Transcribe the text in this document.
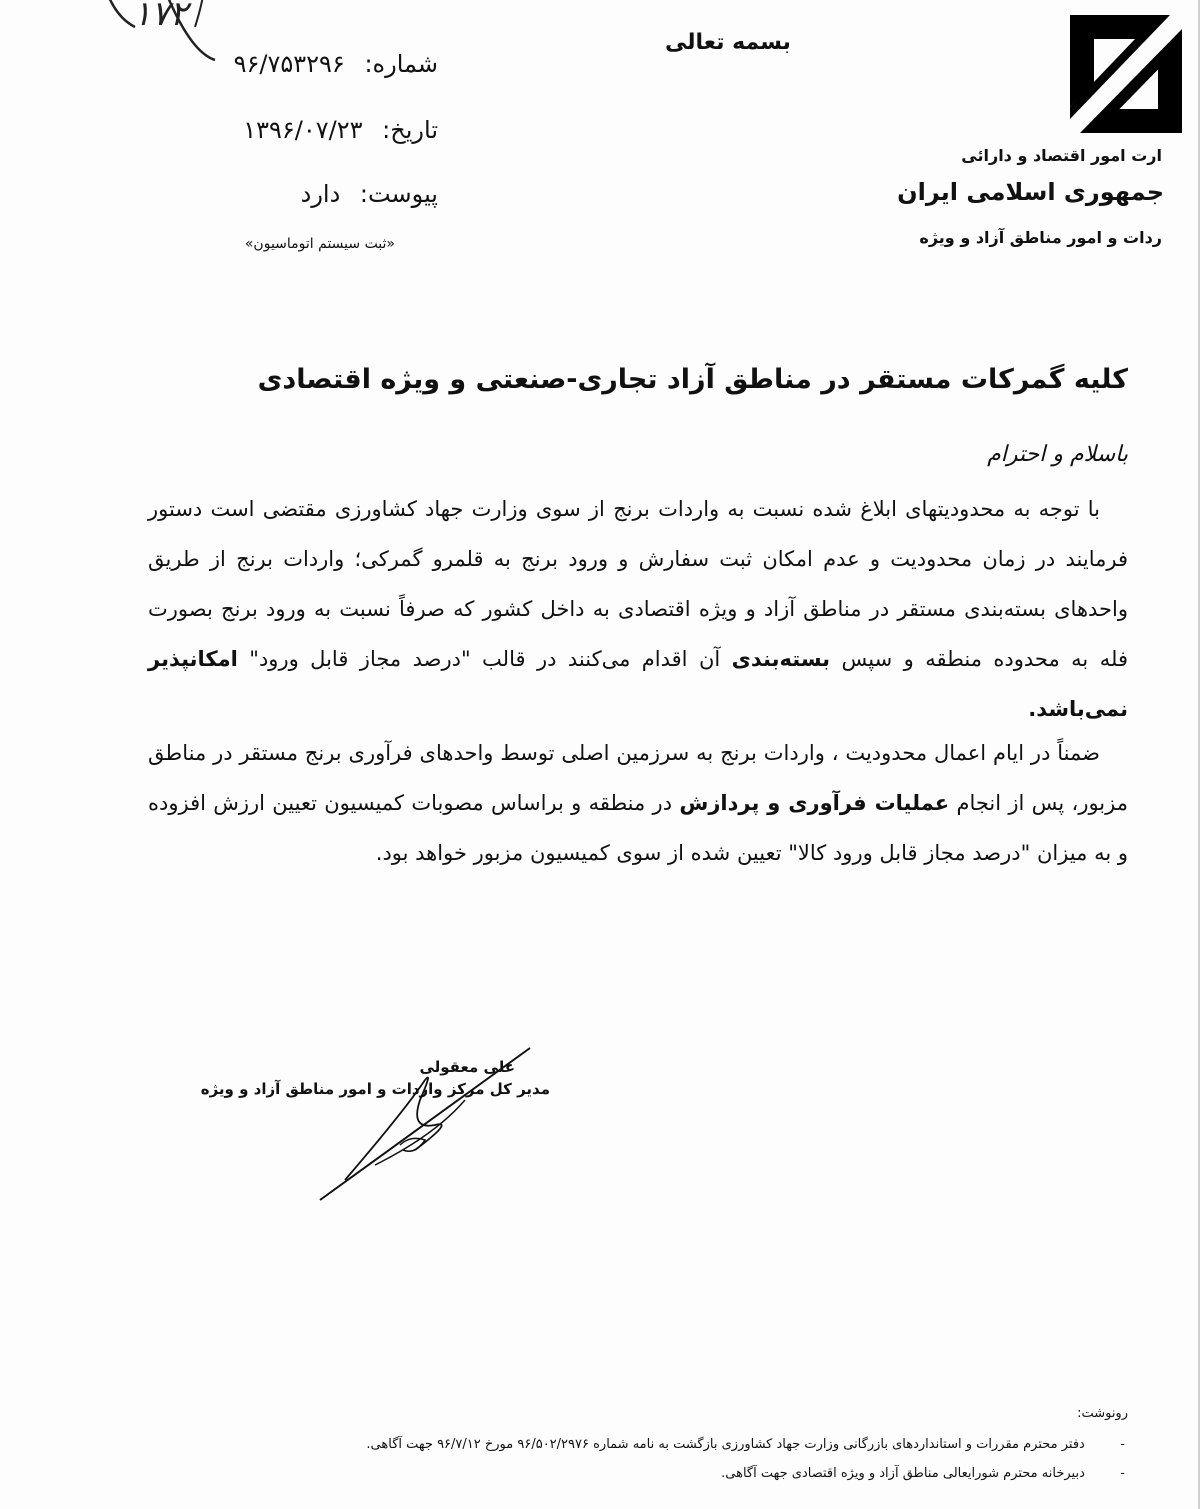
۱۷۲
ارت امور اقتصاد و دارائی
جمهوری اسلامی ایران
ردات و امور مناطق آزاد و ویژه
بسمه تعالی
شماره: ۹۶/۷۵۳۲۹۶
تاریخ: ۱۳۹۶/۰۷/۲۳
پیوست: دارد
«ثبت سیستم اتوماسیون»
کلیه گمرکات مستقر در مناطق آزاد تجاری-صنعتی و ویژه اقتصادی
باسلام و احترام
با توجه به محدودیتهای ابلاغ شده نسبت به واردات برنج از سوی وزارت جهاد کشاورزی مقتضی است دستور فرمایند در زمان محدودیت و عدم امکان ثبت سفارش و ورود برنج به قلمرو گمرکی؛ واردات برنج از طریق واحدهای بسته‌بندی مستقر در مناطق آزاد و ویژه اقتصادی به داخل کشور که صرفاً نسبت به ورود برنج بصورت فله به محدوده منطقه و سپس بسته‌بندی آن اقدام می‌کنند در قالب "درصد مجاز قابل ورود" امکانپذیر نمی‌باشد.
ضمناً در ایام اعمال محدودیت ، واردات برنج به سرزمین اصلی توسط واحدهای فرآوری برنج مستقر در مناطق مزبور، پس از انجام عملیات فرآوری و پردازش در منطقه و براساس مصوبات کمیسیون تعیین ارزش افزوده و به میزان "درصد مجاز قابل ورود کالا" تعیین شده از سوی کمیسیون مزبور خواهد بود.
علی معقولی
مدیر کل مرکز واردات و امور مناطق آزاد و ویژه
رونوشت:
- دفتر محترم مقررات و استانداردهای بازرگانی وزارت جهاد کشاورزی بازگشت به نامه شماره ۹۶/۵۰۲/۲۹۷۶ مورخ ۹۶/۷/۱۲ جهت آگاهی.
- دبیرخانه محترم شورایعالی مناطق آزاد و ویژه اقتصادی جهت آگاهی.
